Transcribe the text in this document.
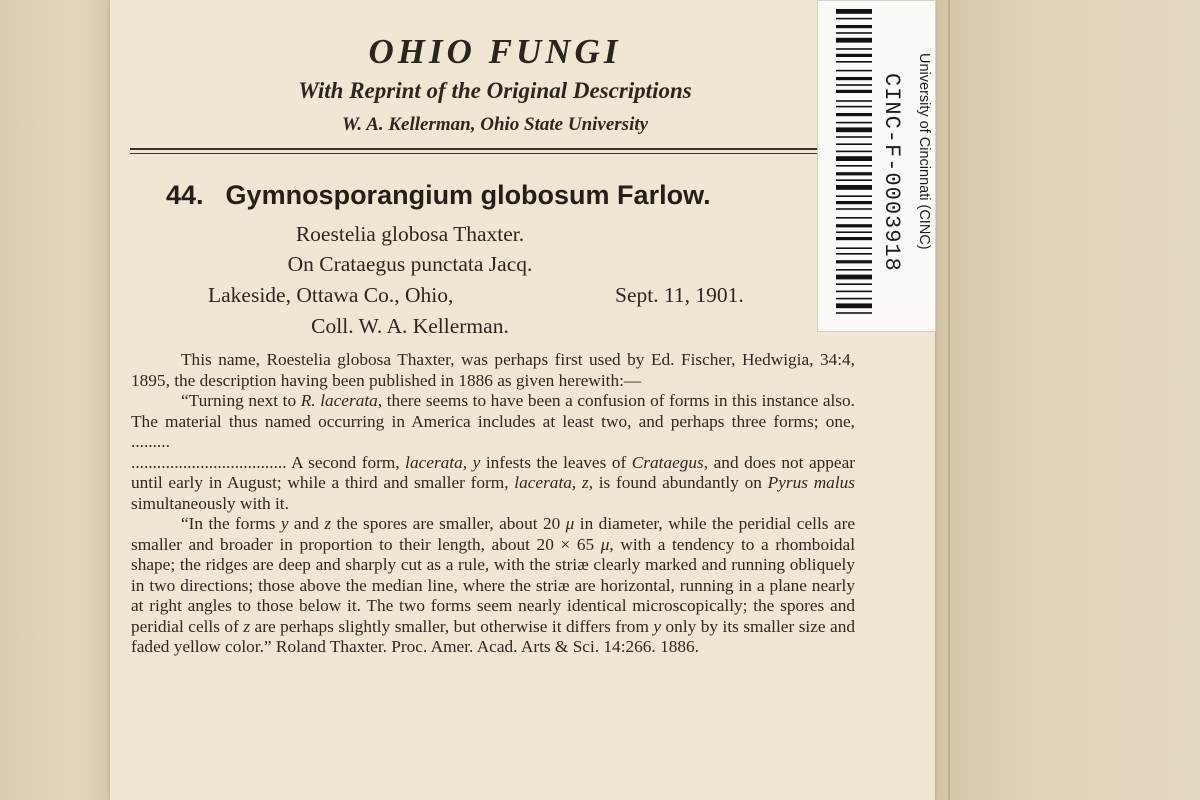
OHIO FUNGI
With Reprint of the Original Descriptions
W. A. Kellerman, Ohio State University
44. Gymnosporangium globosum Farlow.
Roestelia globosa Thaxter.
On Crataegus punctata Jacq.
Lakeside, Ottawa Co., Ohio,	Sept. 11, 1901.
Coll. W. A. Kellerman.

This name, Roestelia globosa Thaxter, was perhaps first used by Ed. Fischer, Hedwigia, 34:4, 1895, the description having been published in 1886 as given herewith:—

“Turning next to R. lacerata, there seems to have been a confusion of forms in this instance also. The material thus named occurring in America includes at least two, and perhaps three forms; one, .........

.................................... A second form, lacerata, y infests the leaves of Crataegus, and does not appear until early in August; while a third and smaller form, lacerata, z, is found abundantly on Pyrus malus simultaneously with it.

“In the forms y and z the spores are smaller, about 20 μ in diameter, while the peridial cells are smaller and broader in proportion to their length, about 20 × 65 μ, with a tendency to a rhomboidal shape; the ridges are deep and sharply cut as a rule, with the striæ clearly marked and running obliquely in two directions; those above the median line, where the striæ are horizontal, running in a plane nearly at right angles to those below it. The two forms seem nearly identical microscopically; the spores and peridial cells of z are perhaps slightly smaller, but otherwise it differs from y only by its smaller size and faded yellow color.” Roland Thaxter. Proc. Amer. Acad. Arts & Sci. 14:266. 1886.

CINC-F-0003918 University of Cincinnati (CINC)
